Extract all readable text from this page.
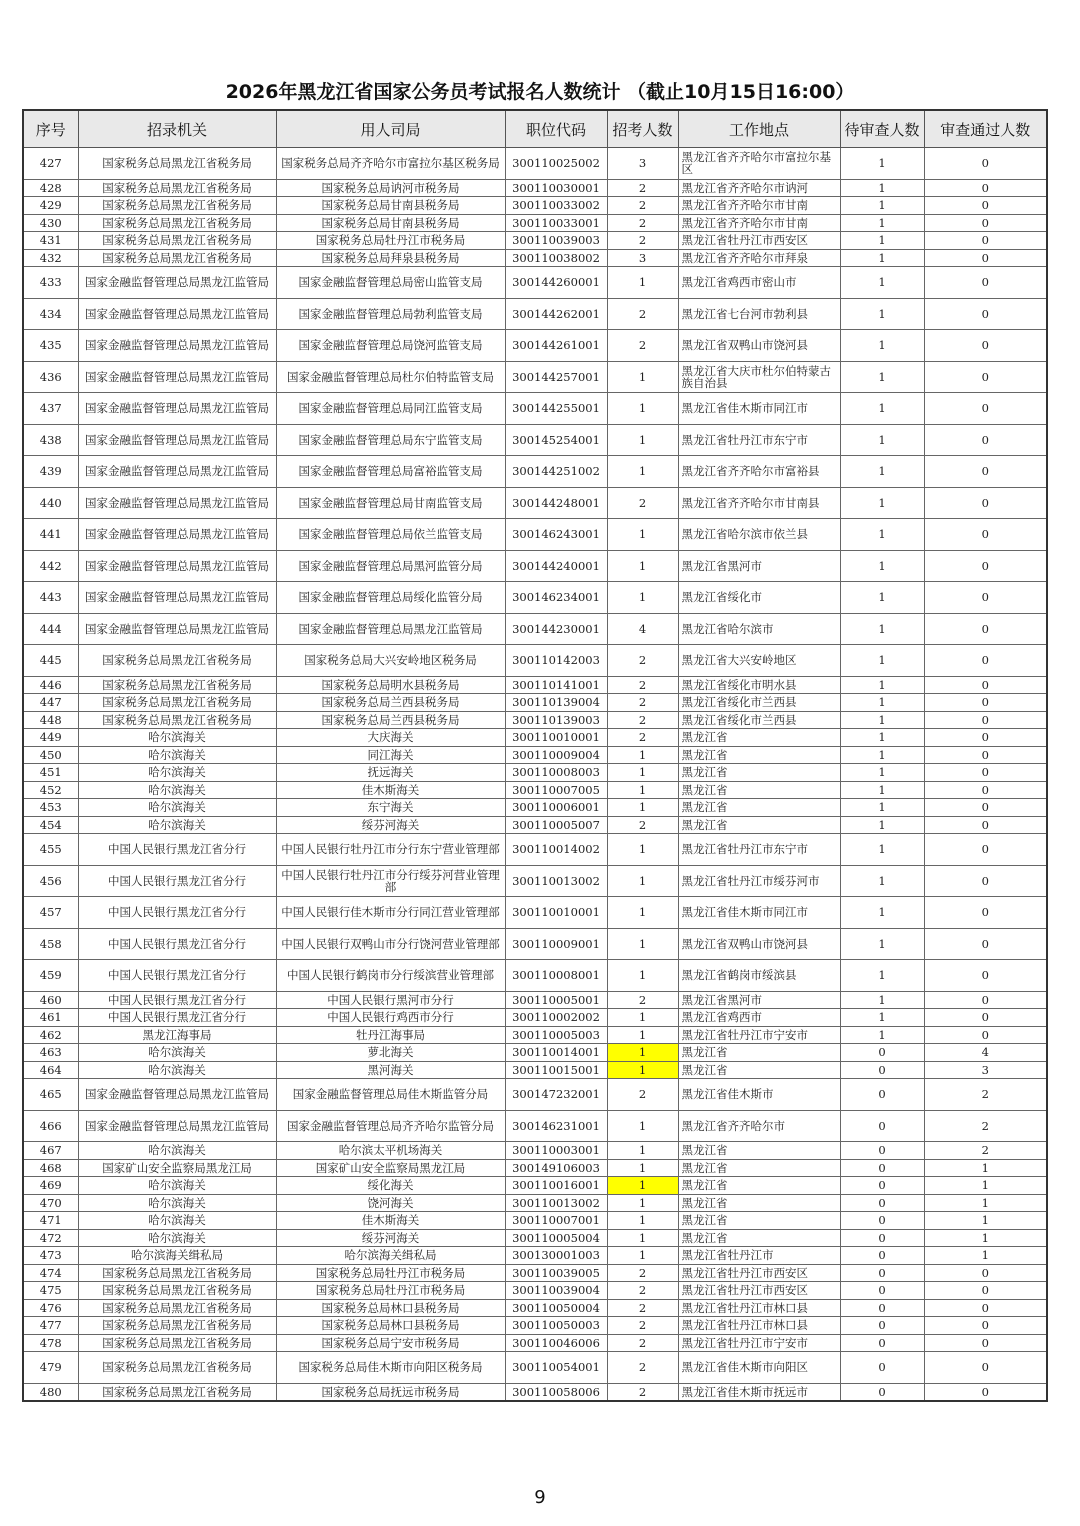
2026年黑龙江省国家公务员考试报名人数统计 （截止10月15日16:00）
序号	招录机关	用人司局	职位代码	招考人数	工作地点	待审查人数	审查通过人数
427	国家税务总局黑龙江省税务局	国家税务总局齐齐哈尔市富拉尔基区税务局	300110025002	3	黑龙江省齐齐哈尔市富拉尔基区	1	0
428	国家税务总局黑龙江省税务局	国家税务总局讷河市税务局	300110030001	2	黑龙江省齐齐哈尔市讷河	1	0
429	国家税务总局黑龙江省税务局	国家税务总局甘南县税务局	300110033002	2	黑龙江省齐齐哈尔市甘南	1	0
430	国家税务总局黑龙江省税务局	国家税务总局甘南县税务局	300110033001	2	黑龙江省齐齐哈尔市甘南	1	0
431	国家税务总局黑龙江省税务局	国家税务总局牡丹江市税务局	300110039003	2	黑龙江省牡丹江市西安区	1	0
432	国家税务总局黑龙江省税务局	国家税务总局拜泉县税务局	300110038002	3	黑龙江省齐齐哈尔市拜泉	1	0
433	国家金融监督管理总局黑龙江监管局	国家金融监督管理总局密山监管支局	300144260001	1	黑龙江省鸡西市密山市	1	0
434	国家金融监督管理总局黑龙江监管局	国家金融监督管理总局勃利监管支局	300144262001	2	黑龙江省七台河市勃利县	1	0
435	国家金融监督管理总局黑龙江监管局	国家金融监督管理总局饶河监管支局	300144261001	2	黑龙江省双鸭山市饶河县	1	0
436	国家金融监督管理总局黑龙江监管局	国家金融监督管理总局杜尔伯特监管支局	300144257001	1	黑龙江省大庆市杜尔伯特蒙古族自治县	1	0
437	国家金融监督管理总局黑龙江监管局	国家金融监督管理总局同江监管支局	300144255001	1	黑龙江省佳木斯市同江市	1	0
438	国家金融监督管理总局黑龙江监管局	国家金融监督管理总局东宁监管支局	300145254001	1	黑龙江省牡丹江市东宁市	1	0
439	国家金融监督管理总局黑龙江监管局	国家金融监督管理总局富裕监管支局	300144251002	1	黑龙江省齐齐哈尔市富裕县	1	0
440	国家金融监督管理总局黑龙江监管局	国家金融监督管理总局甘南监管支局	300144248001	2	黑龙江省齐齐哈尔市甘南县	1	0
441	国家金融监督管理总局黑龙江监管局	国家金融监督管理总局依兰监管支局	300146243001	1	黑龙江省哈尔滨市依兰县	1	0
442	国家金融监督管理总局黑龙江监管局	国家金融监督管理总局黑河监管分局	300144240001	1	黑龙江省黑河市	1	0
443	国家金融监督管理总局黑龙江监管局	国家金融监督管理总局绥化监管分局	300146234001	1	黑龙江省绥化市	1	0
444	国家金融监督管理总局黑龙江监管局	国家金融监督管理总局黑龙江监管局	300144230001	4	黑龙江省哈尔滨市	1	0
445	国家税务总局黑龙江省税务局	国家税务总局大兴安岭地区税务局	300110142003	2	黑龙江省大兴安岭地区	1	0
446	国家税务总局黑龙江省税务局	国家税务总局明水县税务局	300110141001	2	黑龙江省绥化市明水县	1	0
447	国家税务总局黑龙江省税务局	国家税务总局兰西县税务局	300110139004	2	黑龙江省绥化市兰西县	1	0
448	国家税务总局黑龙江省税务局	国家税务总局兰西县税务局	300110139003	2	黑龙江省绥化市兰西县	1	0
449	哈尔滨海关	大庆海关	300110010001	2	黑龙江省	1	0
450	哈尔滨海关	同江海关	300110009004	1	黑龙江省	1	0
451	哈尔滨海关	抚远海关	300110008003	1	黑龙江省	1	0
452	哈尔滨海关	佳木斯海关	300110007005	1	黑龙江省	1	0
453	哈尔滨海关	东宁海关	300110006001	1	黑龙江省	1	0
454	哈尔滨海关	绥芬河海关	300110005007	2	黑龙江省	1	0
455	中国人民银行黑龙江省分行	中国人民银行牡丹江市分行东宁营业管理部	300110014002	1	黑龙江省牡丹江市东宁市	1	0
456	中国人民银行黑龙江省分行	中国人民银行牡丹江市分行绥芬河营业管理部	300110013002	1	黑龙江省牡丹江市绥芬河市	1	0
457	中国人民银行黑龙江省分行	中国人民银行佳木斯市分行同江营业管理部	300110010001	1	黑龙江省佳木斯市同江市	1	0
458	中国人民银行黑龙江省分行	中国人民银行双鸭山市分行饶河营业管理部	300110009001	1	黑龙江省双鸭山市饶河县	1	0
459	中国人民银行黑龙江省分行	中国人民银行鹤岗市分行绥滨营业管理部	300110008001	1	黑龙江省鹤岗市绥滨县	1	0
460	中国人民银行黑龙江省分行	中国人民银行黑河市分行	300110005001	2	黑龙江省黑河市	1	0
461	中国人民银行黑龙江省分行	中国人民银行鸡西市分行	300110002002	1	黑龙江省鸡西市	1	0
462	黑龙江海事局	牡丹江海事局	300110005003	1	黑龙江省牡丹江市宁安市	1	0
463	哈尔滨海关	萝北海关	300110014001	1	黑龙江省	0	4
464	哈尔滨海关	黑河海关	300110015001	1	黑龙江省	0	3
465	国家金融监督管理总局黑龙江监管局	国家金融监督管理总局佳木斯监管分局	300147232001	2	黑龙江省佳木斯市	0	2
466	国家金融监督管理总局黑龙江监管局	国家金融监督管理总局齐齐哈尔监管分局	300146231001	1	黑龙江省齐齐哈尔市	0	2
467	哈尔滨海关	哈尔滨太平机场海关	300110003001	1	黑龙江省	0	2
468	国家矿山安全监察局黑龙江局	国家矿山安全监察局黑龙江局	300149106003	1	黑龙江省	0	1
469	哈尔滨海关	绥化海关	300110016001	1	黑龙江省	0	1
470	哈尔滨海关	饶河海关	300110013002	1	黑龙江省	0	1
471	哈尔滨海关	佳木斯海关	300110007001	1	黑龙江省	0	1
472	哈尔滨海关	绥芬河海关	300110005004	1	黑龙江省	0	1
473	哈尔滨海关缉私局	哈尔滨海关缉私局	300130001003	1	黑龙江省牡丹江市	0	1
474	国家税务总局黑龙江省税务局	国家税务总局牡丹江市税务局	300110039005	2	黑龙江省牡丹江市西安区	0	0
475	国家税务总局黑龙江省税务局	国家税务总局牡丹江市税务局	300110039004	2	黑龙江省牡丹江市西安区	0	0
476	国家税务总局黑龙江省税务局	国家税务总局林口县税务局	300110050004	2	黑龙江省牡丹江市林口县	0	0
477	国家税务总局黑龙江省税务局	国家税务总局林口县税务局	300110050003	2	黑龙江省牡丹江市林口县	0	0
478	国家税务总局黑龙江省税务局	国家税务总局宁安市税务局	300110046006	2	黑龙江省牡丹江市宁安市	0	0
479	国家税务总局黑龙江省税务局	国家税务总局佳木斯市向阳区税务局	300110054001	2	黑龙江省佳木斯市向阳区	0	0
480	国家税务总局黑龙江省税务局	国家税务总局抚远市税务局	300110058006	2	黑龙江省佳木斯市抚远市	0	0
9
